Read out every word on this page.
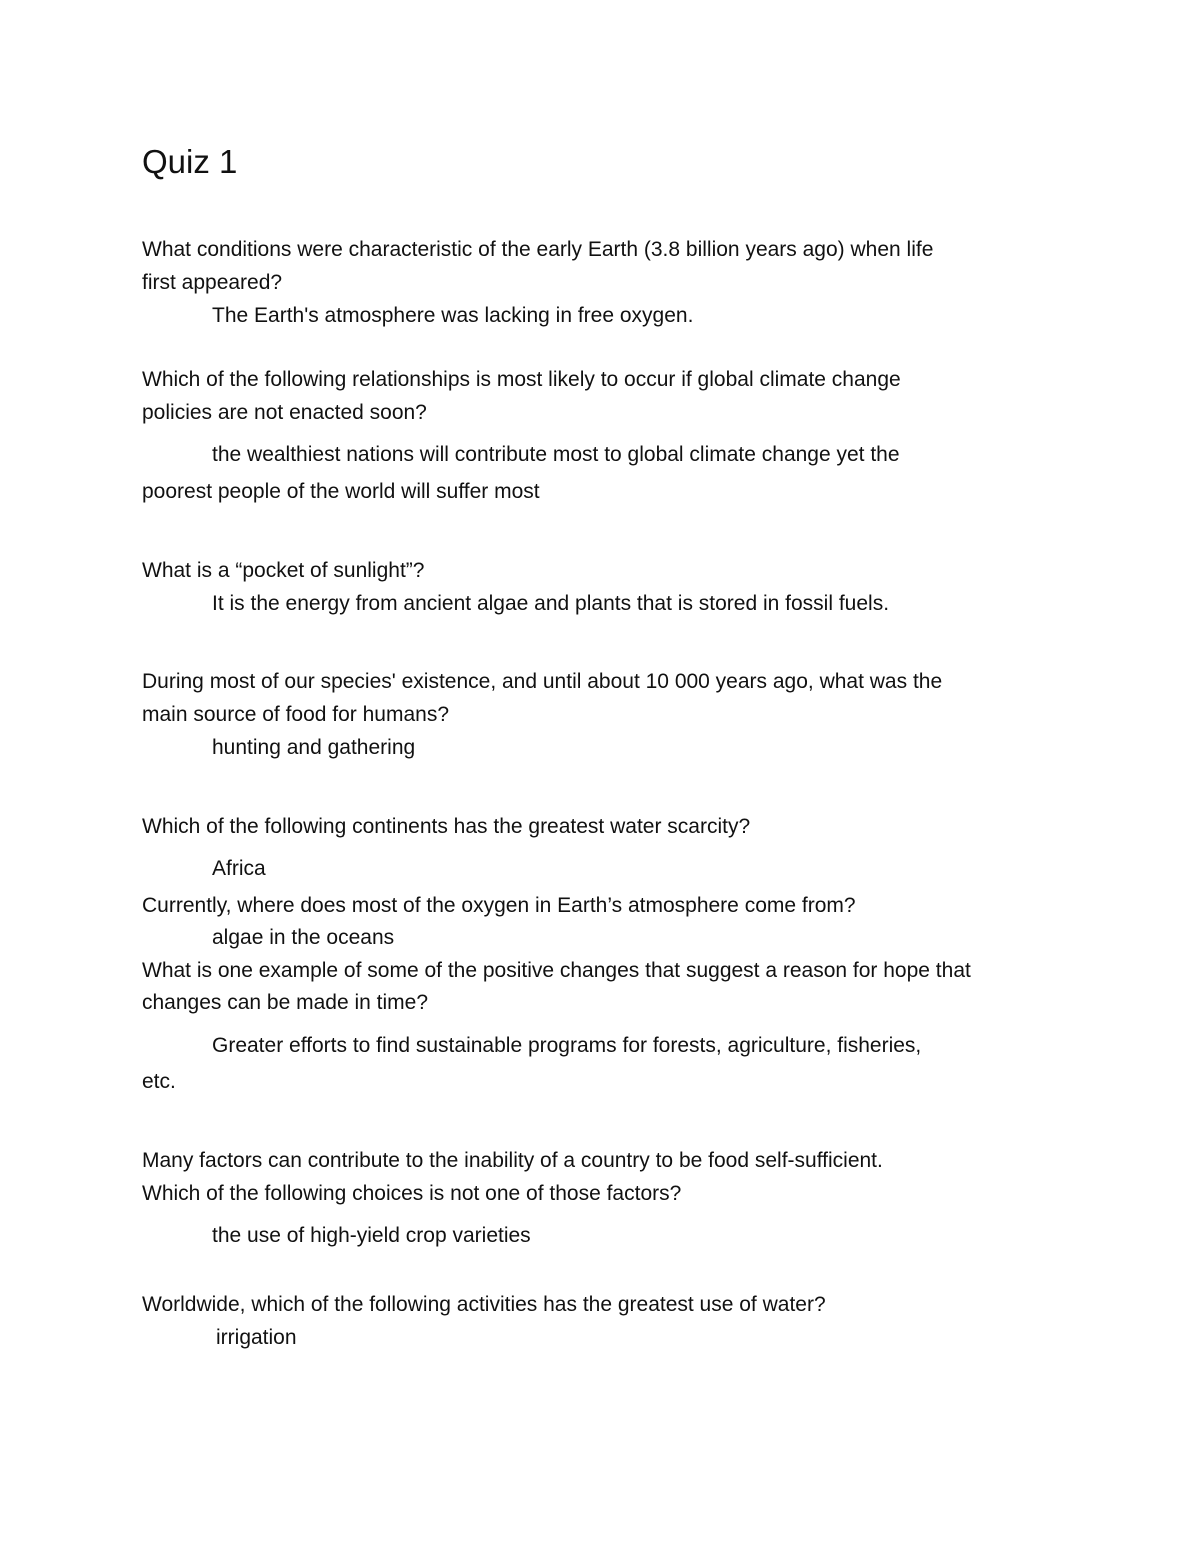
Quiz 1
What conditions were characteristic of the early Earth (3.8 billion years ago) when life
first appeared?
The Earth's atmosphere was lacking in free oxygen.
Which of the following relationships is most likely to occur if global climate change
policies are not enacted soon?
the wealthiest nations will contribute most to global climate change yet the
poorest people of the world will suffer most
What is a “pocket of sunlight”?
It is the energy from ancient algae and plants that is stored in fossil fuels.
During most of our species' existence, and until about 10 000 years ago, what was the
main source of food for humans?
hunting and gathering
Which of the following continents has the greatest water scarcity?
Africa
Currently, where does most of the oxygen in Earth’s atmosphere come from?
algae in the oceans
What is one example of some of the positive changes that suggest a reason for hope that
changes can be made in time?
Greater efforts to find sustainable programs for forests, agriculture, fisheries,
etc.
Many factors can contribute to the inability of a country to be food self-sufficient.
Which of the following choices is not one of those factors?
the use of high-yield crop varieties
Worldwide, which of the following activities has the greatest use of water?
irrigation
